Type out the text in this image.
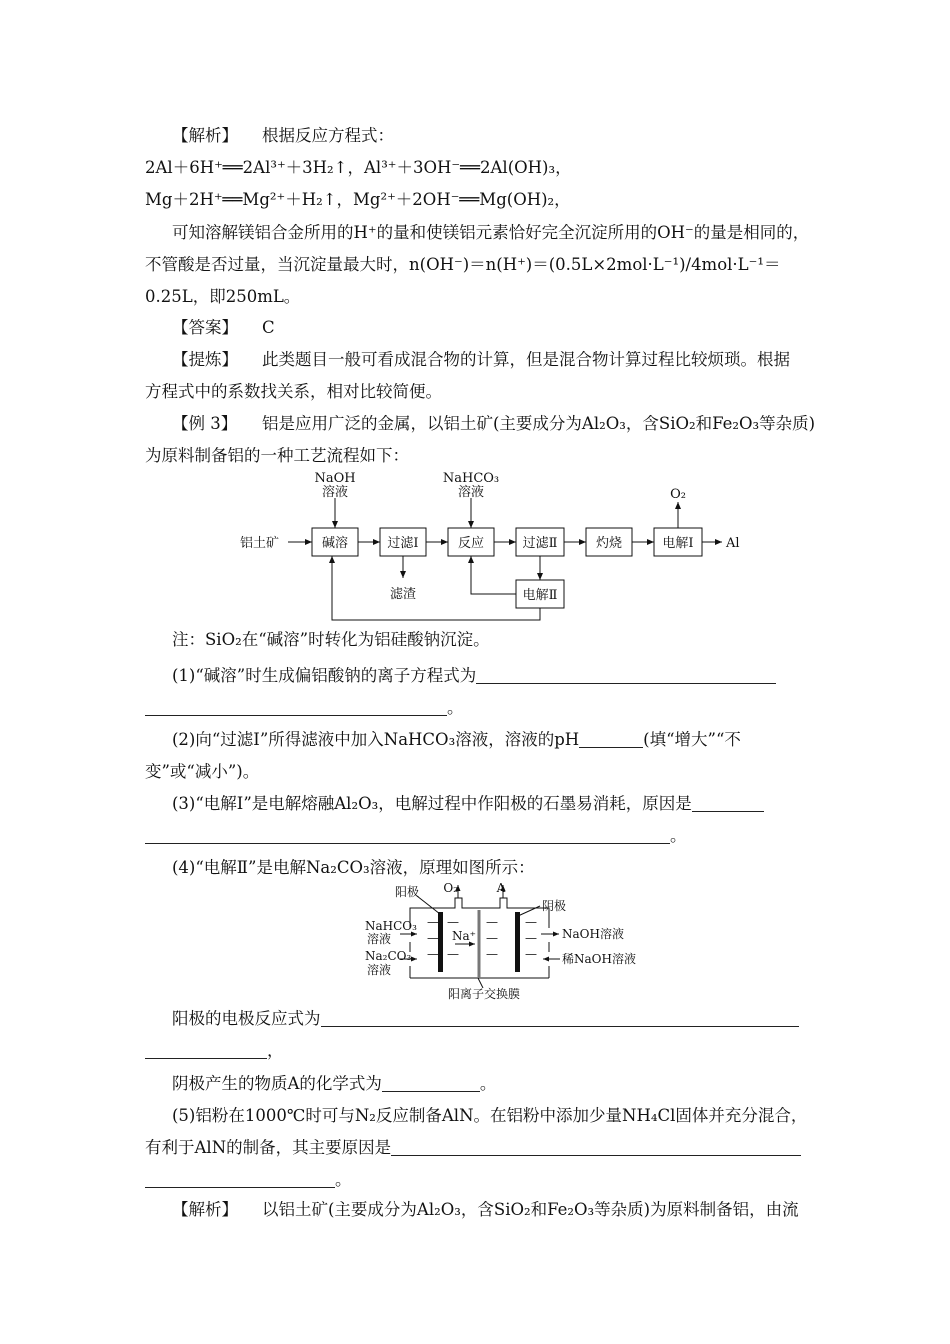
【解析】 根据反应方程式：
2Al＋6H⁺══2Al³⁺＋3H₂↑，Al³⁺＋3OH⁻══2Al(OH)₃，
Mg＋2H⁺══Mg²⁺＋H₂↑，Mg²⁺＋2OH⁻══Mg(OH)₂，
可知溶解镁铝合金所用的H⁺的量和使镁铝元素恰好完全沉淀所用的OH⁻的量是相同的，
不管酸是否过量，当沉淀量最大时，n(OH⁻)＝n(H⁺)＝(0.5L×2mol·L⁻¹)/4mol·L⁻¹＝
0.25L，即250mL。
【答案】 C
【提炼】 此类题目一般可看成混合物的计算，但是混合物计算过程比较烦琐。根据
方程式中的系数找关系，相对比较简便。
【例 3】 铝是应用广泛的金属，以铝土矿(主要成分为Al₂O₃，含SiO₂和Fe₂O₃等杂质)
为原料制备铝的一种工艺流程如下：
铝土矿
NaOH
溶液
NaHCO₃
溶液
碱溶	过滤Ⅰ	反应	过滤Ⅱ	灼烧	电解Ⅰ
电解Ⅱ
滤渣
O₂
Al
注：SiO₂在“碱溶”时转化为铝硅酸钠沉淀。
(1)“碱溶”时生成偏铝酸钠的离子方程式为
。
(2)向“过滤Ⅰ”所得滤液中加入NaHCO₃溶液，溶液的pH	(填“增大”“不
变”或“减小”)。
(3)“电解Ⅰ”是电解熔融Al₂O₃，电解过程中作阳极的石墨易消耗，原因是
。
(4)“电解Ⅱ”是电解Na₂CO₃溶液，原理如图所示：
—
—
—
—
—
—
—
—
—
—
—
O₂	A
阳极
阴极
NaHCO₃
溶液
Na₂CO₃
溶液
Na⁺	NaOH溶液
稀NaOH溶液
阳离子交换膜
阳极的电极反应式为
，
阴极产生的物质A的化学式为	。
(5)铝粉在1000℃时可与N₂反应制备AlN。在铝粉中添加少量NH₄Cl固体并充分混合，
有利于AlN的制备，其主要原因是
。
【解析】 以铝土矿(主要成分为Al₂O₃，含SiO₂和Fe₂O₃等杂质)为原料制备铝，由流
